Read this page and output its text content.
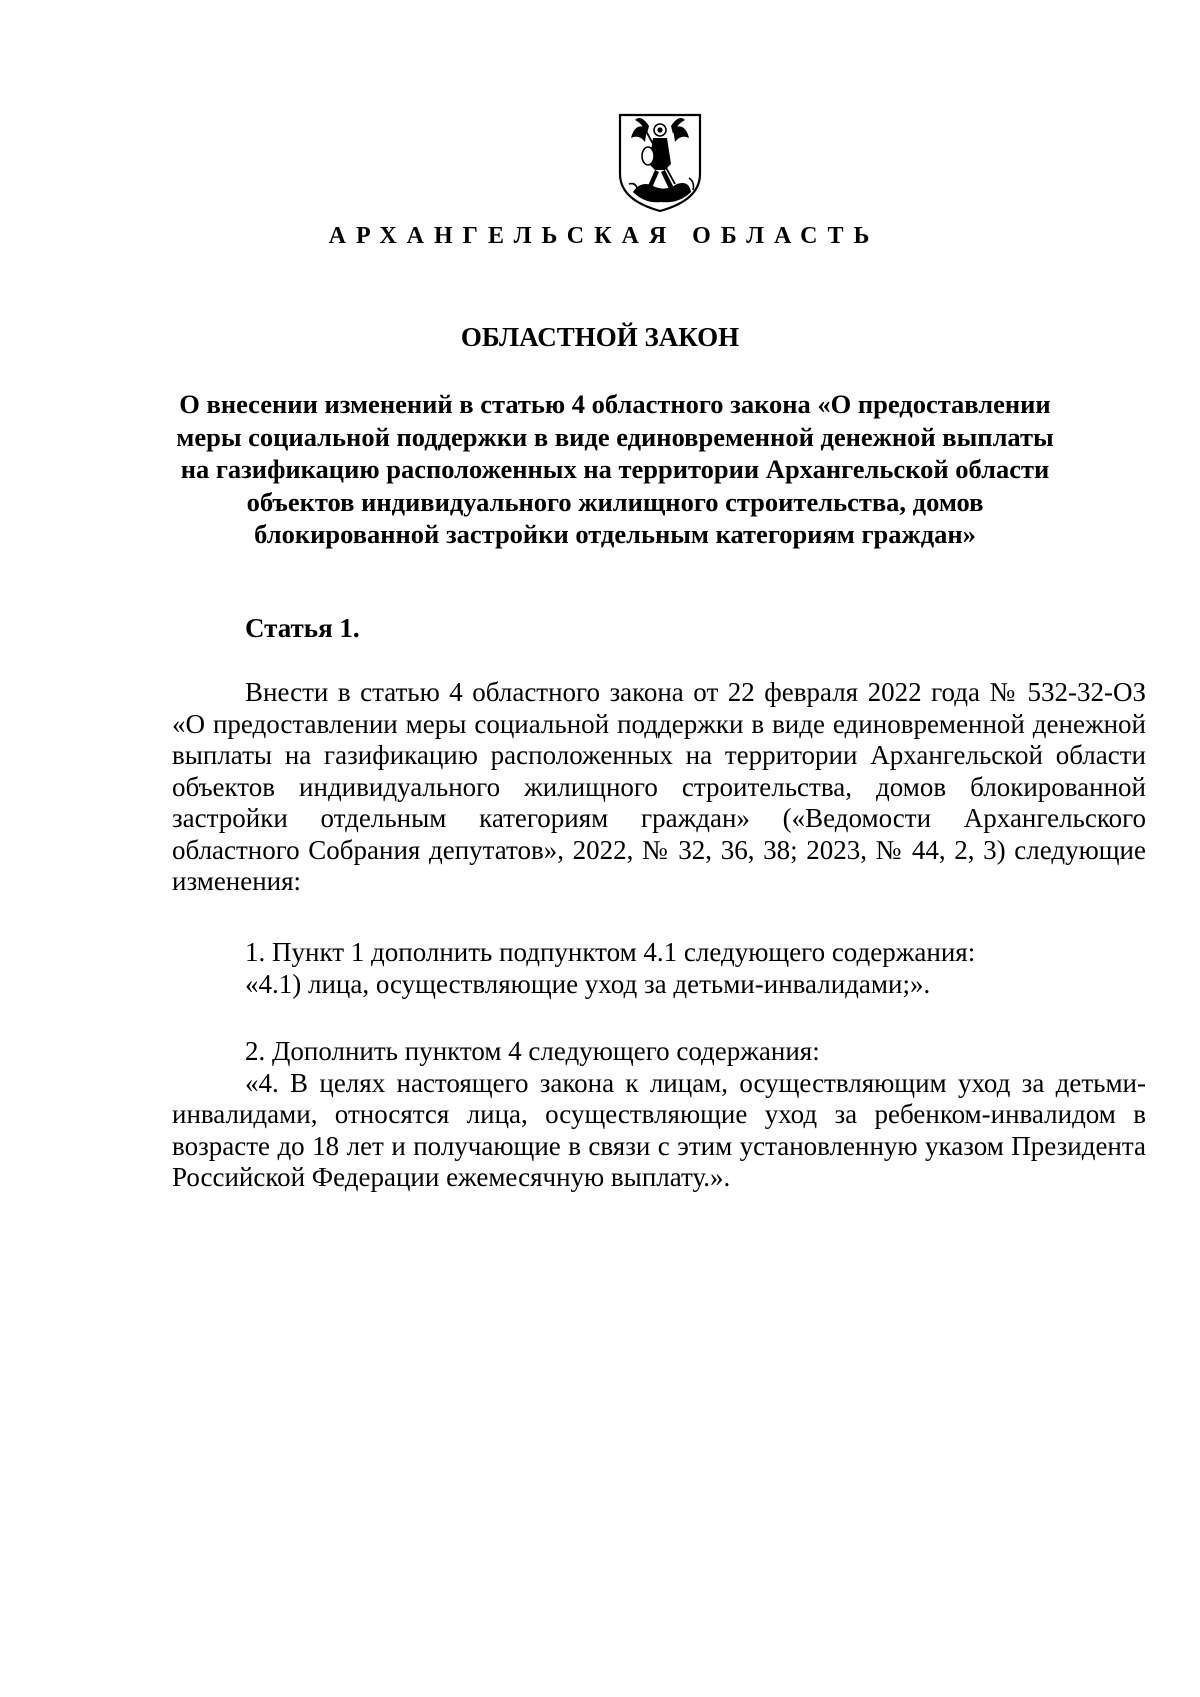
АРХАНГЕЛЬСКАЯ ОБЛАСТЬ
ОБЛАСТНОЙ ЗАКОН
О внесении изменений в статью 4 областного закона «О предоставлении меры социальной поддержки в виде единовременной денежной выплаты на газификацию расположенных на территории Архангельской области объектов индивидуального жилищного строительства, домов блокированной застройки отдельным категориям граждан»
Статья 1.

Внести в статью 4 областного закона от 22 февраля 2022 года № 532-32-ОЗ «О предоставлении меры социальной поддержки в виде единовременной денежной выплаты на газификацию расположенных на территории Архангельской области объектов индивидуального жилищного строительства, домов блокированной застройки отдельным категориям граждан» («Ведомости Архангельского областного Собрания депутатов», 2022, № 32, 36, 38; 2023, № 44, 2, 3) следующие изменения:

1. Пункт 1 дополнить подпунктом 4.1 следующего содержания:
«4.1) лица, осуществляющие уход за детьми-инвалидами;».
2. Дополнить пунктом 4 следующего содержания:
«4. В целях настоящего закона к лицам, осуществляющим уход за детьми-инвалидами, относятся лица, осуществляющие уход за ребенком-инвалидом в возрасте до 18 лет и получающие в связи с этим установленную указом Президента Российской Федерации ежемесячную выплату.».
